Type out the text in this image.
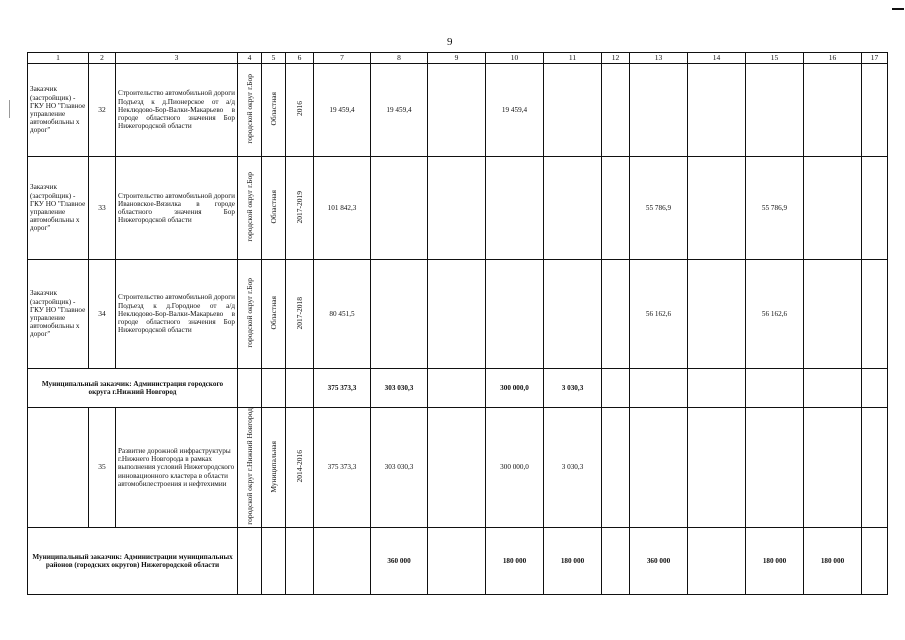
9
1	2	3	4	5	6	7	8	9	10	11	12	13	14	15	16	17
Заказчик (застройщик) - ГКУ НО "Главное управление автомобильны х дорог"	32	Строительство автомобильной дороги Подъезд к д.Пионерское от а/д Неклюдово-Бор-Валки-Макарьево в городе областного значения Бор Нижегородской области	городской округ г.Бор	Областная	2016	19 459,4	19 459,4		19 459,4							
Заказчик (застройщик) - ГКУ НО "Главное управление автомобильны х дорог"	33	Строительство автомобильной дороги Ивановское-Вязилка в городе областного значения Бор Нижегородской области	городской округ г.Бор	Областная	2017-2019	101 842,3						55 786,9		55 786,9		
Заказчик (застройщик) - ГКУ НО "Главное управление автомобильны х дорог"	34	Строительство автомобильной дороги Подъезд к д.Городное от а/д Неклюдово-Бор-Валки-Макарьево в городе областного значения Бор Нижегородской области	городской округ г.Бор	Областная	2017-2018	80 451,5						56 162,6		56 162,6		
Муниципальный заказчик: Администрация городского округа г.Нижний Новгород						375 373,3	303 030,3		300 000,0	3 030,3						
	35	Развитие дорожной инфраструктуры г.Нижнего Новгорода в рамках выполнения условий Нижегородского инновационного кластера в области автомобилестроения и нефтехимии	городской округ г.Нижний Новгород	Муниципальная	2014-2016	375 373,3	303 030,3		300 000,0	3 030,3						
Муниципальный заказчик: Администрации муниципальных районов (городских округов) Нижегородской области							360 000		180 000	180 000		360 000		180 000	180 000	
